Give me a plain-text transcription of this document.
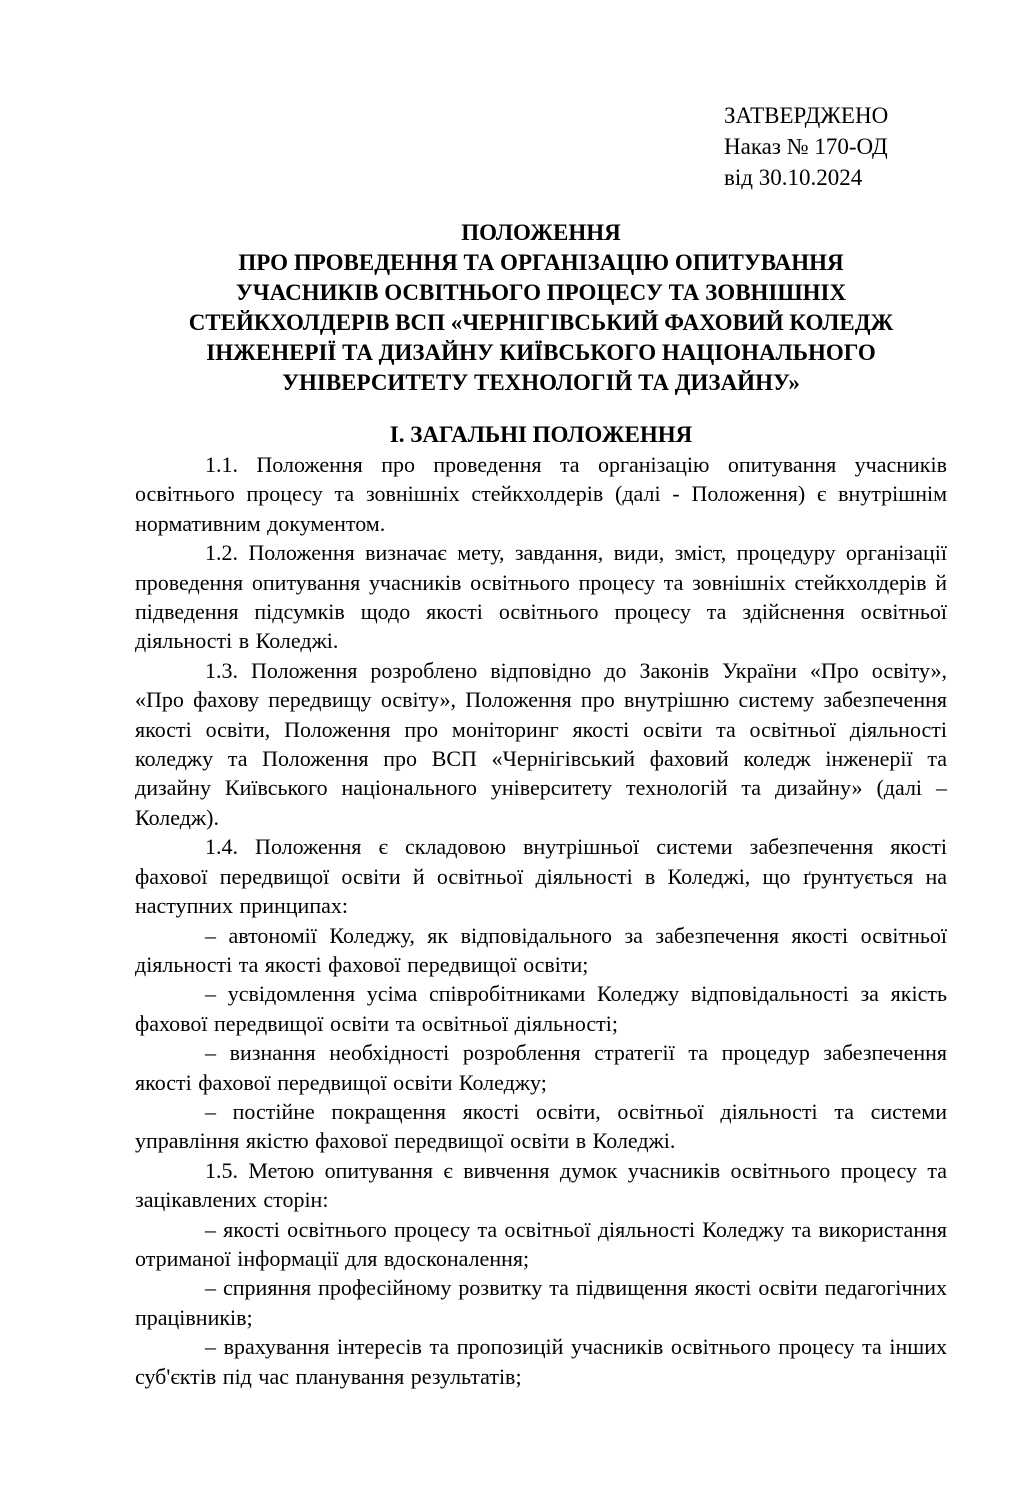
ЗАТВЕРДЖЕНО
Наказ № 170-ОД
від 30.10.2024
ПОЛОЖЕННЯ
ПРО ПРОВЕДЕННЯ ТА ОРГАНІЗАЦІЮ ОПИТУВАННЯ
УЧАСНИКІВ ОСВІТНЬОГО ПРОЦЕСУ ТА ЗОВНІШНІХ
СТЕЙКХОЛДЕРІВ ВСП «ЧЕРНІГІВСЬКИЙ ФАХОВИЙ КОЛЕДЖ
ІНЖЕНЕРІЇ ТА ДИЗАЙНУ КИЇВСЬКОГО НАЦІОНАЛЬНОГО
УНІВЕРСИТЕТУ ТЕХНОЛОГІЙ ТА ДИЗАЙНУ»
І. ЗАГАЛЬНІ ПОЛОЖЕННЯ

1.1. Положення про проведення та організацію опитування учасників освітнього процесу та зовнішніх стейкхолдерів (далі - Положення) є внутрішнім нормативним документом.

1.2. Положення визначає мету, завдання, види, зміст, процедуру організації проведення опитування учасників освітнього процесу та зовнішніх стейкхолдерів й підведення підсумків щодо якості освітнього процесу та здійснення освітньої діяльності в Коледжі.

1.3. Положення розроблено відповідно до Законів України «Про освіту», «Про фахову передвищу освіту», Положення про внутрішню систему забезпечення якості освіти, Положення про моніторинг якості освіти та освітньої діяльності коледжу та Положення про ВСП «Чернігівський фаховий коледж інженерії та дизайну Київського національного університету технологій та дизайну» (далі – Коледж).

1.4. Положення є складовою внутрішньої системи забезпечення якості фахової передвищої освіти й освітньої діяльності в Коледжі, що ґрунтується на наступних принципах:

– автономії Коледжу, як відповідального за забезпечення якості освітньої діяльності та якості фахової передвищої освіти;

– усвідомлення усіма співробітниками Коледжу відповідальності за якість фахової передвищої освіти та освітньої діяльності;

– визнання необхідності розроблення стратегії та процедур забезпечення якості фахової передвищої освіти Коледжу;

– постійне покращення якості освіти, освітньої діяльності та системи управління якістю фахової передвищої освіти в Коледжі.

1.5. Метою опитування є вивчення думок учасників освітнього процесу та зацікавлених сторін:

– якості освітнього процесу та освітньої діяльності Коледжу та використання отриманої інформації для вдосконалення;

– сприяння професійному розвитку та підвищення якості освіти педагогічних працівників;

– врахування інтересів та пропозицій учасників освітнього процесу та інших суб'єктів під час планування результатів;
